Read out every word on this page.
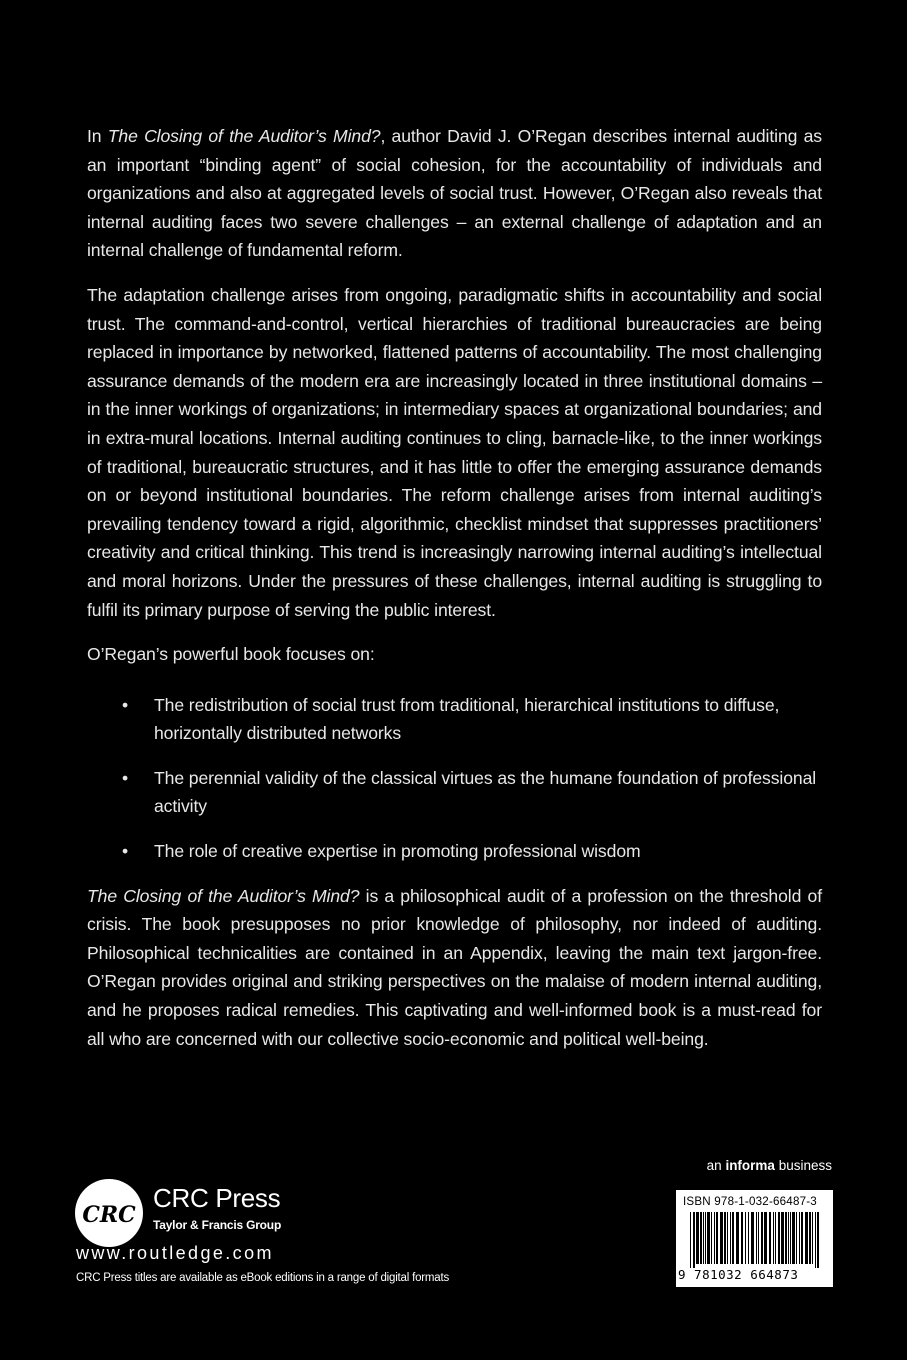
In The Closing of the Auditor’s Mind?, author David J. O’Regan describes internal auditing as an important “binding agent” of social cohesion, for the accountability of individuals and organizations and also at aggregated levels of social trust. However, O’Regan also reveals that internal auditing faces two severe challenges – an external challenge of adaptation and an internal challenge of fundamental reform.

The adaptation challenge arises from ongoing, paradigmatic shifts in accountability and social trust. The command-and-control, vertical hierarchies of traditional bureaucracies are being replaced in importance by networked, flattened patterns of accountability. The most challenging assurance demands of the modern era are increasingly located in three institutional domains – in the inner workings of organizations; in intermediary spaces at organizational boundaries; and in extra-mural locations. Internal auditing continues to cling, barnacle-like, to the inner workings of traditional, bureaucratic structures, and it has little to offer the emerging assurance demands on or beyond institutional boundaries. The reform challenge arises from internal auditing’s prevailing tendency toward a rigid, algorithmic, checklist mindset that suppresses practitioners’ creativity and critical thinking. This trend is increasingly narrowing internal auditing’s intellectual and moral horizons. Under the pressures of these challenges, internal auditing is struggling to fulfil its primary purpose of serving the public interest.

O’Regan’s powerful book focuses on:

• The redistribution of social trust from traditional, hierarchical institutions to diffuse, horizontally distributed networks
• The perennial validity of the classical virtues as the humane foundation of professional activity
• The role of creative expertise in promoting professional wisdom

The Closing of the Auditor’s Mind? is a philosophical audit of a profession on the threshold of crisis. The book presupposes no prior knowledge of philosophy, nor indeed of auditing. Philosophical technicalities are contained in an Appendix, leaving the main text jargon-free. O’Regan provides original and striking perspectives on the malaise of modern internal auditing, and he proposes radical remedies. This captivating and well-informed book is a must-read for all who are concerned with our collective socio-economic and political well-being.

an informa business
ISBN 978-1-032-66487-3
9 781032 664873
CRC
CRC Press
Taylor & Francis Group
www.routledge.com
CRC Press titles are available as eBook editions in a range of digital formats
